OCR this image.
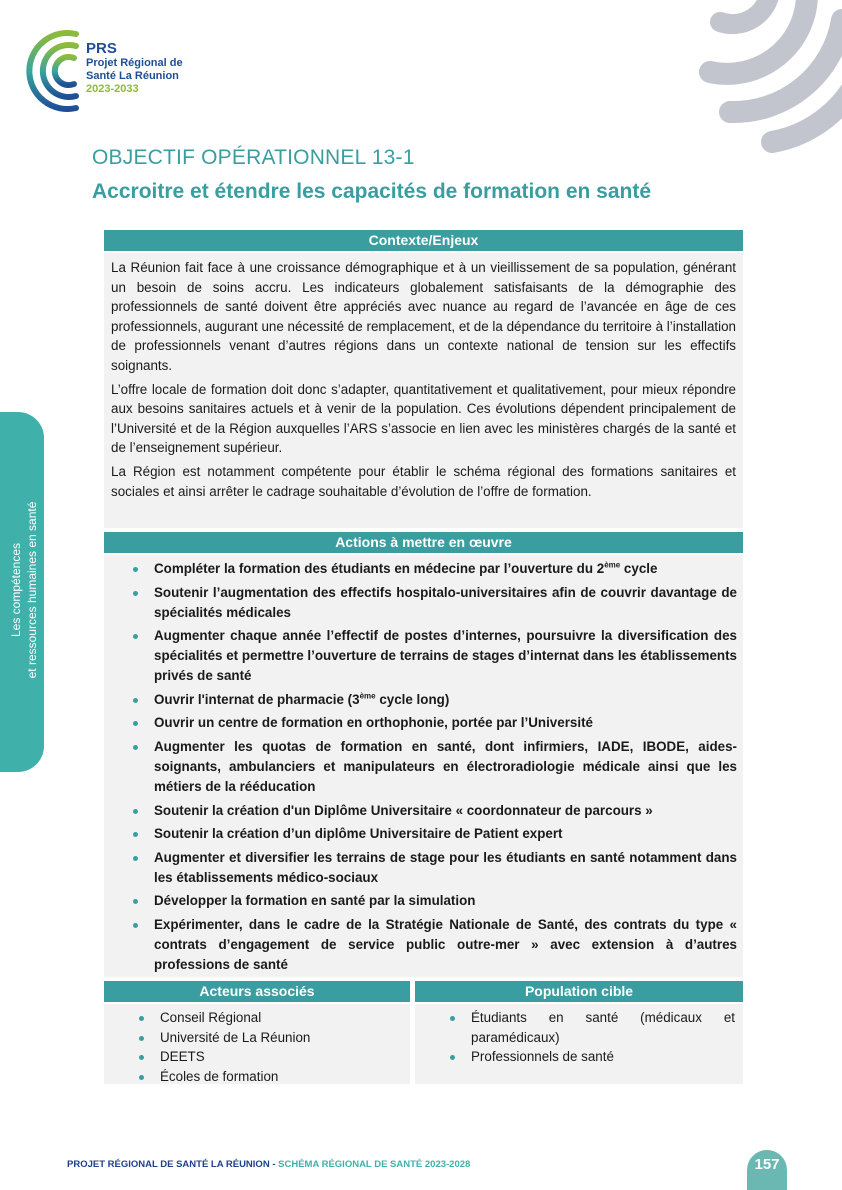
PRS
Projet Régional de
Santé La Réunion
2023-2033
OBJECTIF OPÉRATIONNEL 13-1
Accroitre et étendre les capacités de formation en santé
Les compétences et ressources humaines en santé
Contexte/Enjeux

La Réunion fait face à une croissance démographique et à un vieillissement de sa population, générant un besoin de soins accru. Les indicateurs globalement satisfaisants de la démographie des professionnels de santé doivent être appréciés avec nuance au regard de l’avancée en âge de ces professionnels, augurant une nécessité de remplacement, et de la dépendance du territoire à l’installation de professionnels venant d’autres régions dans un contexte national de tension sur les effectifs soignants.

L’offre locale de formation doit donc s’adapter, quantitativement et qualitativement, pour mieux répondre aux besoins sanitaires actuels et à venir de la population. Ces évolutions dépendent principalement de l’Université et de la Région auxquelles l’ARS s’associe en lien avec les ministères chargés de la santé et de l’enseignement supérieur.

La Région est notamment compétente pour établir le schéma régional des formations sanitaires et sociales et ainsi arrêter le cadrage souhaitable d’évolution de l’offre de formation.

Actions à mettre en œuvre
Compléter la formation des étudiants en médecine par l’ouverture du 2ème cycle
Soutenir l’augmentation des effectifs hospitalo-universitaires afin de couvrir davantage de spécialités médicales
Augmenter chaque année l’effectif de postes d’internes, poursuivre la diversification des spécialités et permettre l’ouverture de terrains de stages d’internat dans les établissements privés de santé
Ouvrir l'internat de pharmacie (3ème cycle long)
Ouvrir un centre de formation en orthophonie, portée par l’Université
Augmenter les quotas de formation en santé, dont infirmiers, IADE, IBODE, aides-soignants, ambulanciers et manipulateurs en électroradiologie médicale ainsi que les métiers de la rééducation
Soutenir la création d'un Diplôme Universitaire « coordonnateur de parcours »
Soutenir la création d’un diplôme Universitaire de Patient expert
Augmenter et diversifier les terrains de stage pour les étudiants en santé notamment dans les établissements médico-sociaux
Développer la formation en santé par la simulation
Expérimenter, dans le cadre de la Stratégie Nationale de Santé, des contrats du type « contrats d’engagement de service public outre-mer » avec extension à d’autres professions de santé
Acteurs associés
Conseil Régional
Université de La Réunion
DEETS
Écoles de formation
Population cible
Étudiants en santé (médicaux et paramédicaux)
Professionnels de santé
PROJET RÉGIONAL DE SANTÉ LA RÉUNION - SCHÉMA RÉGIONAL DE SANTÉ 2023-2028	157
